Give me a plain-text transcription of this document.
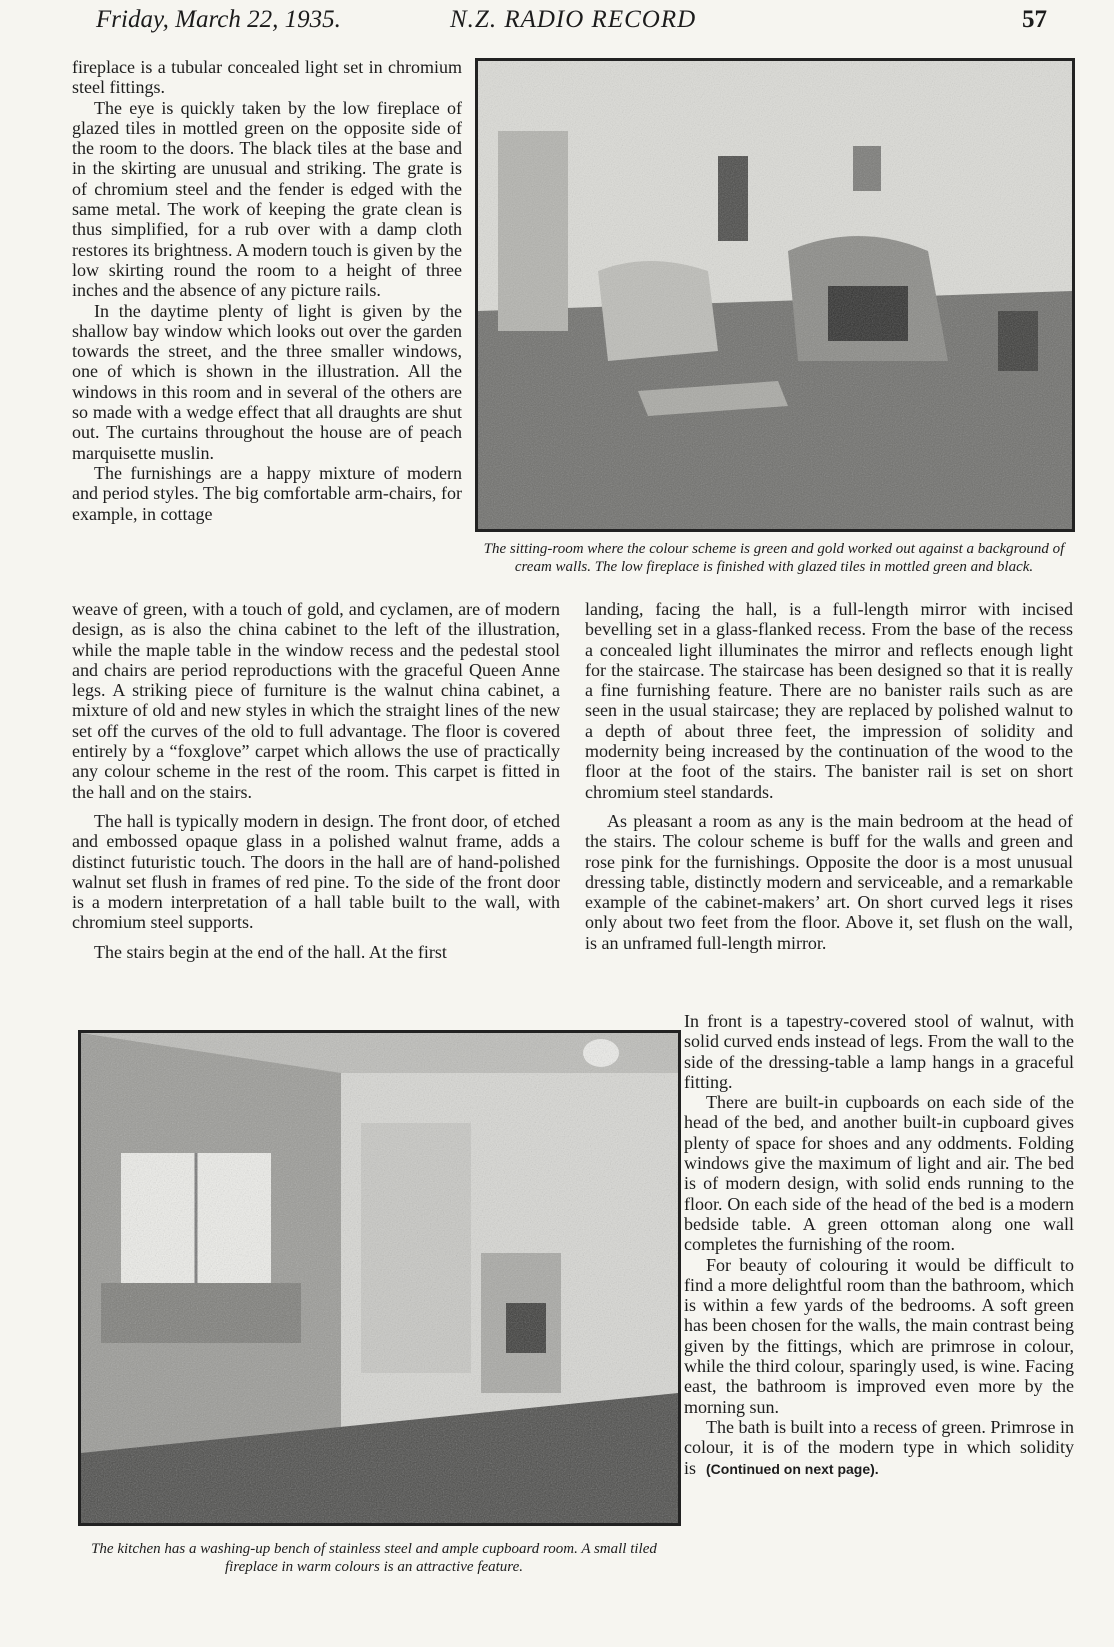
Friday, March 22, 1935.	N.Z. RADIO RECORD	57

fireplace is a tubular concealed light set in chromium steel fittings.

The eye is quickly taken by the low fireplace of glazed tiles in mottled green on the opposite side of the room to the doors. The black tiles at the base and in the skirting are unusual and striking. The grate is of chromium steel and the fender is edged with the same metal. The work of keeping the grate clean is thus simplified, for a rub over with a damp cloth restores its brightness. A modern touch is given by the low skirting round the room to a height of three inches and the absence of any picture rails.

In the daytime plenty of light is given by the shallow bay window which looks out over the garden towards the street, and the three smaller windows, one of which is shown in the illustration. All the windows in this room and in several of the others are so made with a wedge effect that all draughts are shut out. The curtains throughout the house are of peach marquisette muslin.

The furnishings are a happy mixture of modern and period styles. The big comfortable arm-chairs, for example, in cottage

The sitting-room where the colour scheme is green and gold worked out against a background of cream walls. The low fireplace is finished with glazed tiles in mottled green and black.

weave of green, with a touch of gold, and cyclamen, are of modern design, as is also the china cabinet to the left of the illustration, while the maple table in the window recess and the pedestal stool and chairs are period reproductions with the graceful Queen Anne legs. A striking piece of furniture is the walnut china cabinet, a mixture of old and new styles in which the straight lines of the new set off the curves of the old to full advantage. The floor is covered entirely by a “foxglove” carpet which allows the use of practically any colour scheme in the rest of the room. This carpet is fitted in the hall and on the stairs.

The hall is typically modern in design. The front door, of etched and embossed opaque glass in a polished walnut frame, adds a distinct futuristic touch. The doors in the hall are of hand-polished walnut set flush in frames of red pine. To the side of the front door is a modern interpretation of a hall table built to the wall, with chromium steel supports.

The stairs begin at the end of the hall. At the first

landing, facing the hall, is a full-length mirror with incised bevelling set in a glass-flanked recess. From the base of the recess a concealed light illuminates the mirror and reflects enough light for the staircase. The staircase has been designed so that it is really a fine furnishing feature. There are no banister rails such as are seen in the usual staircase; they are replaced by polished walnut to a depth of about three feet, the impression of solidity and modernity being increased by the continuation of the wood to the floor at the foot of the stairs. The banister rail is set on short chromium steel standards.

As pleasant a room as any is the main bedroom at the head of the stairs. The colour scheme is buff for the walls and green and rose pink for the furnishings. Opposite the door is a most unusual dressing table, distinctly modern and serviceable, and a remarkable example of the cabinet-makers’ art. On short curved legs it rises only about two feet from the floor. Above it, set flush on the wall, is an unframed full-length mirror.

The kitchen has a washing-up bench of stainless steel and ample cupboard room. A small tiled fireplace in warm colours is an attractive feature.

In front is a tapestry-covered stool of walnut, with solid curved ends instead of legs. From the wall to the side of the dressing-table a lamp hangs in a graceful fitting.

There are built-in cupboards on each side of the head of the bed, and another built-in cupboard gives plenty of space for shoes and any oddments. Folding windows give the maximum of light and air. The bed is of modern design, with solid ends running to the floor. On each side of the head of the bed is a modern bedside table. A green ottoman along one wall completes the furnishing of the room.

For beauty of colouring it would be difficult to find a more delightful room than the bathroom, which is within a few yards of the bedrooms. A soft green has been chosen for the walls, the main contrast being given by the fittings, which are primrose in colour, while the third colour, sparingly used, is wine. Facing east, the bathroom is improved even more by the morning sun.

The bath is built into a recess of green. Primrose in colour, it is of the modern type in which solidity is (Continued on next page).
